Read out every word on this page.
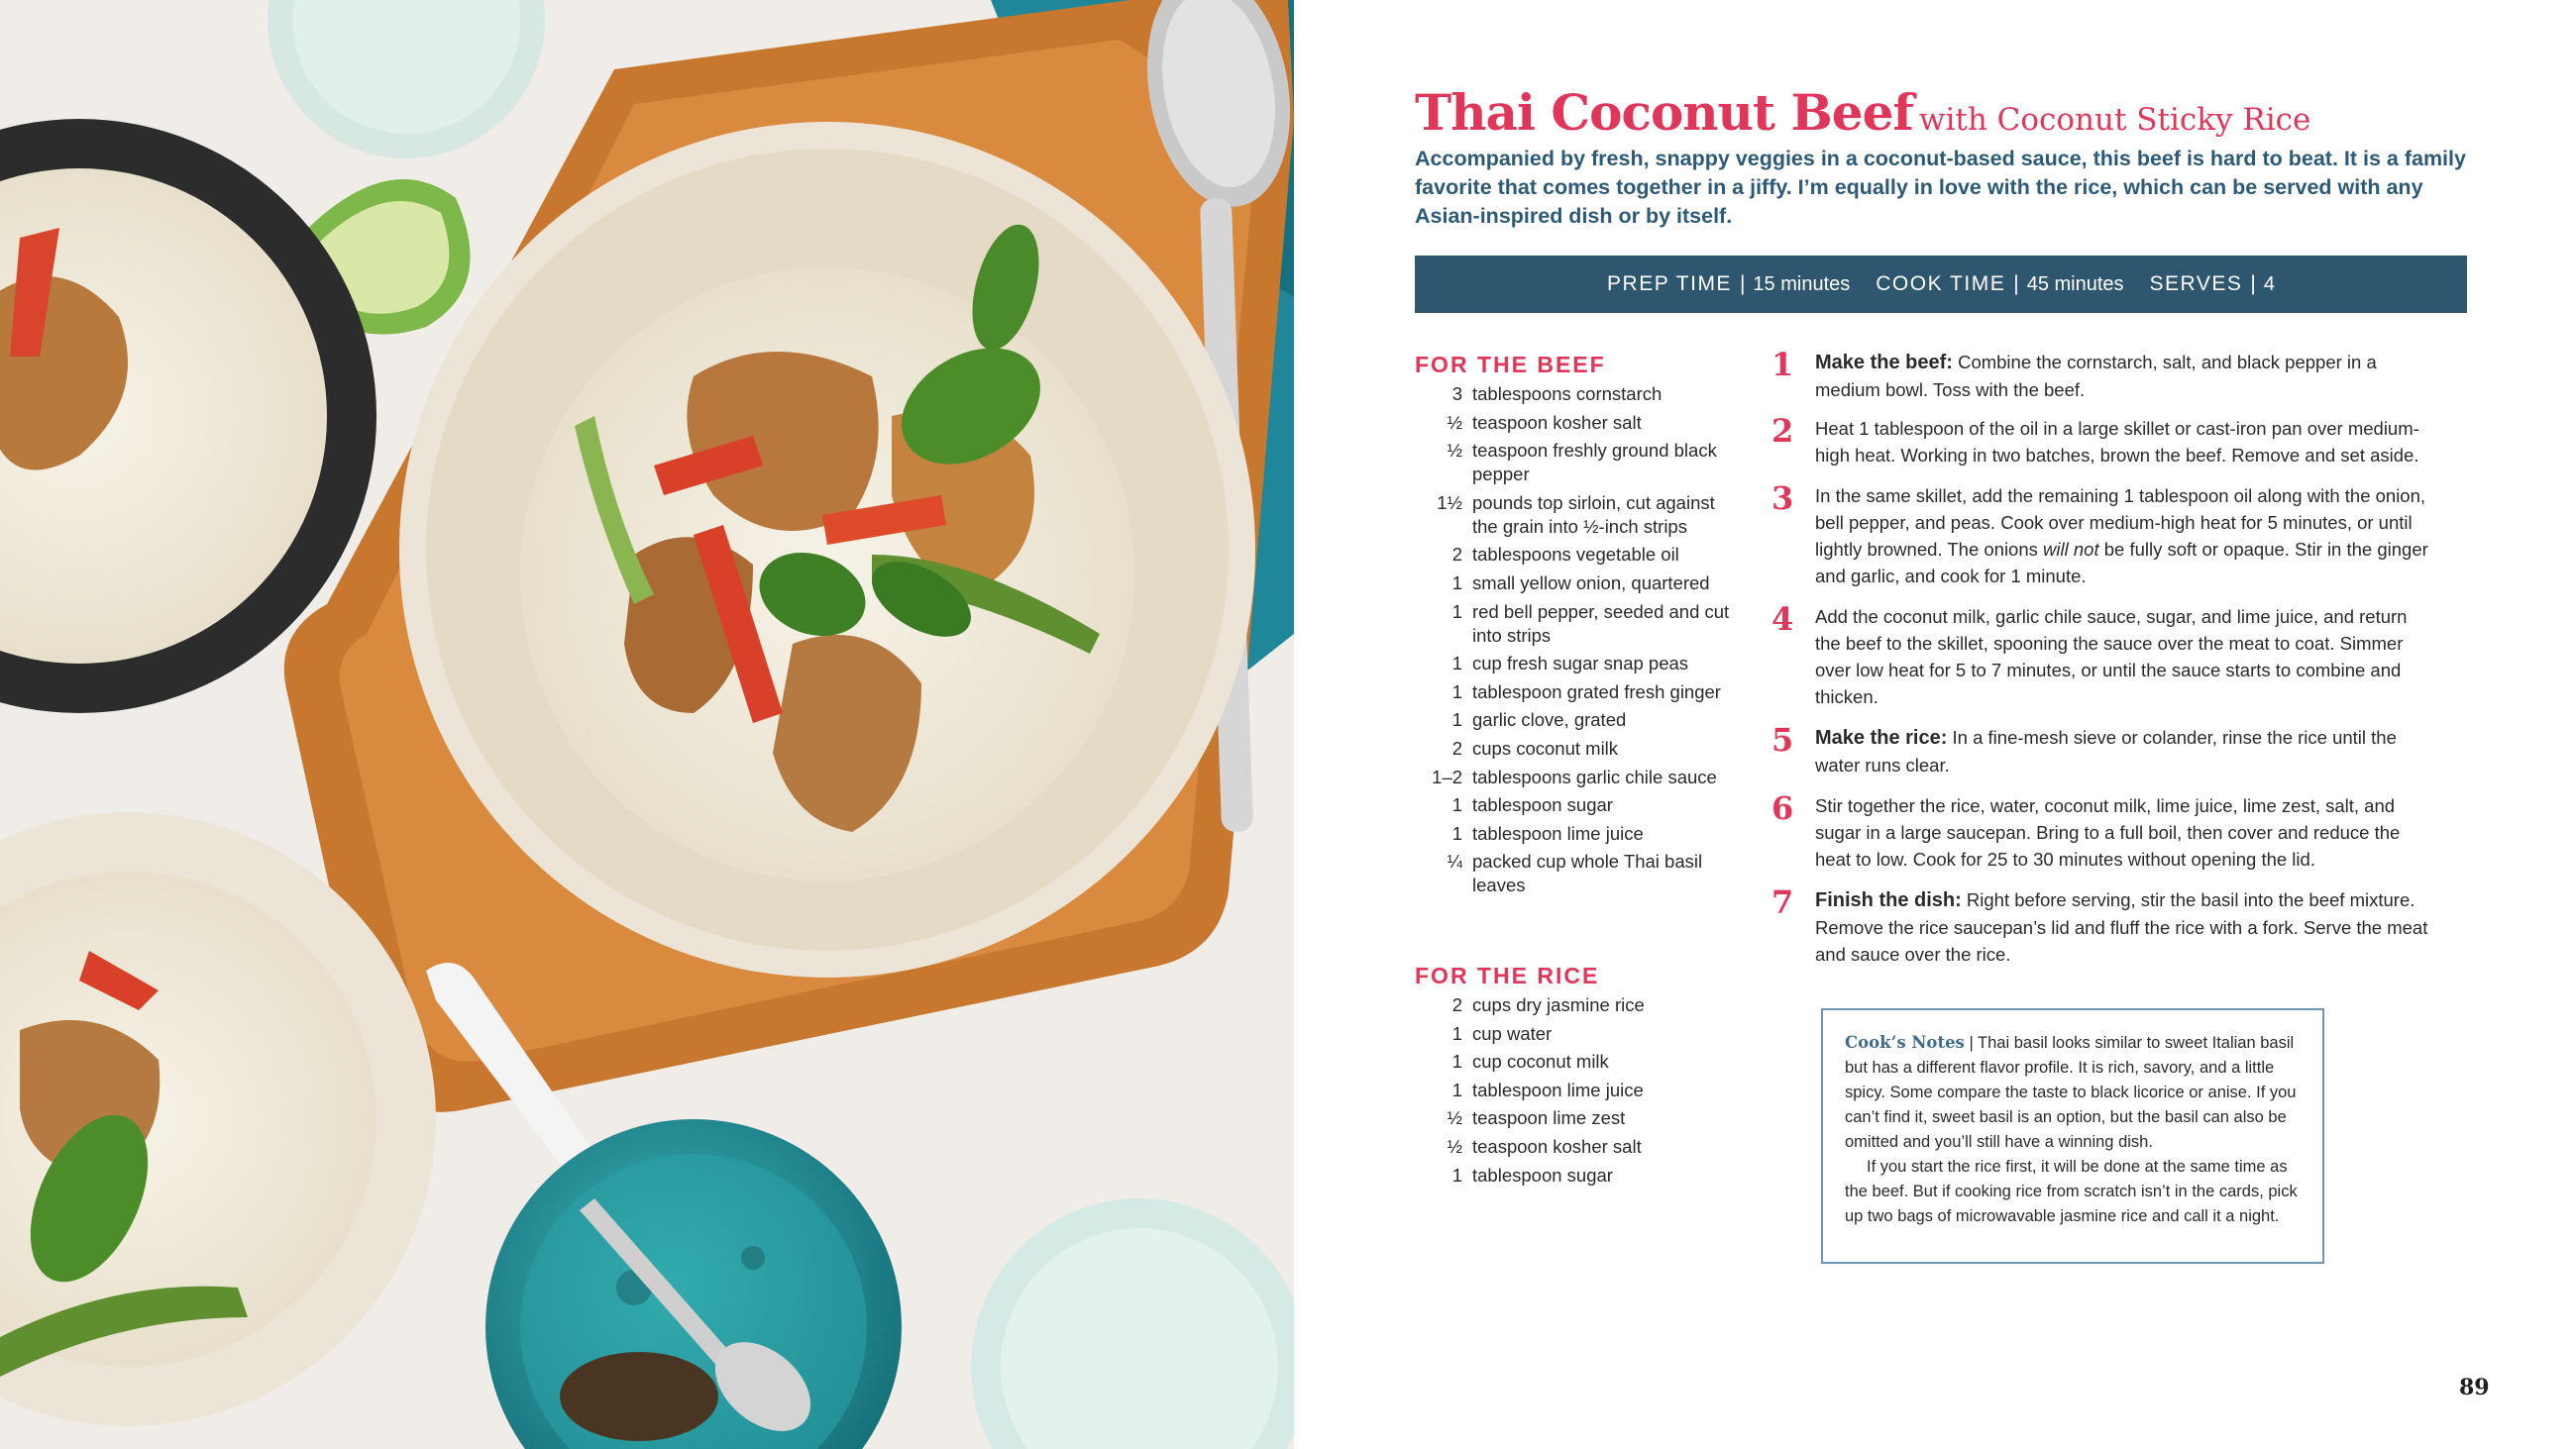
Thai Coconut Beef with Coconut Sticky Rice

Accompanied by fresh, snappy veggies in a coconut-based sauce, this beef is hard to beat. It is a family favorite that comes together in a jiffy. I’m equally in love with the rice, which can be served with any Asian-inspired dish or by itself.

PREP TIME | 15 minutes COOK TIME | 45 minutes SERVES | 4
FOR THE BEEF
3 tablespoons cornstarch
½ teaspoon kosher salt
½ teaspoon freshly ground black pepper
1½ pounds top sirloin, cut against the grain into ½-inch strips
2 tablespoons vegetable oil
1 small yellow onion, quartered
1 red bell pepper, seeded and cut into strips
1 cup fresh sugar snap peas
1 tablespoon grated fresh ginger
1 garlic clove, grated
2 cups coconut milk
1–2 tablespoons garlic chile sauce
1 tablespoon sugar
1 tablespoon lime juice
¼ packed cup whole Thai basil leaves
FOR THE RICE
2 cups dry jasmine rice
1 cup water
1 cup coconut milk
1 tablespoon lime juice
½ teaspoon lime zest
½ teaspoon kosher salt
1 tablespoon sugar
1 Make the beef: Combine the cornstarch, salt, and black pepper in a medium bowl. Toss with the beef.
2 Heat 1 tablespoon of the oil in a large skillet or cast-iron pan over medium-high heat. Working in two batches, brown the beef. Remove and set aside.
3 In the same skillet, add the remaining 1 tablespoon oil along with the onion, bell pepper, and peas. Cook over medium-high heat for 5 minutes, or until lightly browned. The onions will not be fully soft or opaque. Stir in the ginger and garlic, and cook for 1 minute.
4 Add the coconut milk, garlic chile sauce, sugar, and lime juice, and return the beef to the skillet, spooning the sauce over the meat to coat. Simmer over low heat for 5 to 7 minutes, or until the sauce starts to combine and thicken.
5 Make the rice: In a fine-mesh sieve or colander, rinse the rice until the water runs clear.
6 Stir together the rice, water, coconut milk, lime juice, lime zest, salt, and sugar in a large saucepan. Bring to a full boil, then cover and reduce the heat to low. Cook for 25 to 30 minutes without opening the lid.
7 Finish the dish: Right before serving, stir the basil into the beef mixture. Remove the rice saucepan’s lid and fluff the rice with a fork. Serve the meat and sauce over the rice.

Cook’s Notes | Thai basil looks similar to sweet Italian basil but has a different flavor profile. It is rich, savory, and a little spicy. Some compare the taste to black licorice or anise. If you can’t find it, sweet basil is an option, but the basil can also be omitted and you’ll still have a winning dish.

If you start the rice first, it will be done at the same time as the beef. But if cooking rice from scratch isn’t in the cards, pick up two bags of microwavable jasmine rice and call it a night.

89
